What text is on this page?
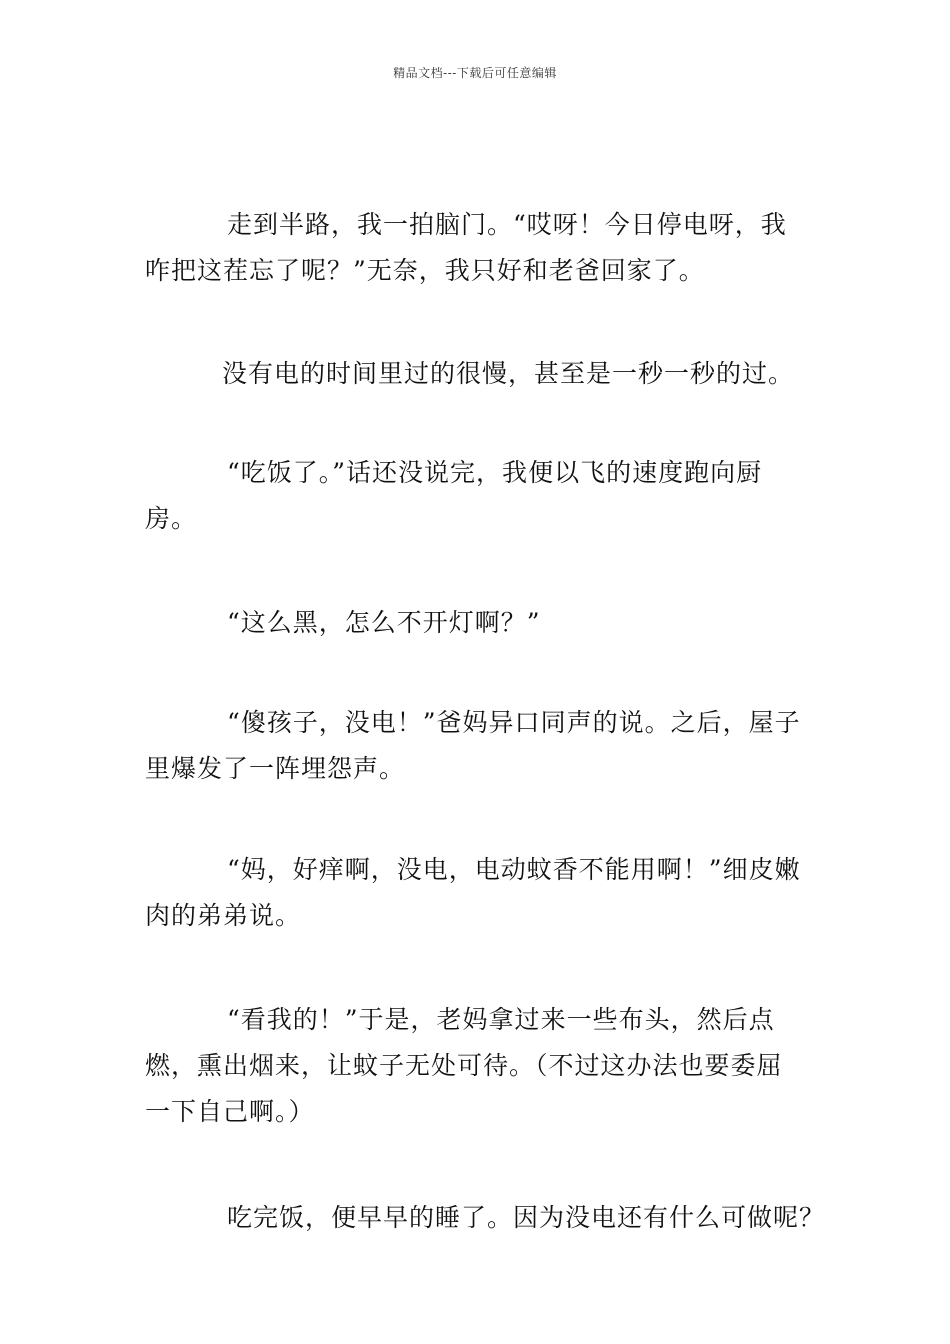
精品文档---下载后可任意编辑

走到半路，我一拍脑门。“哎呀！今日停电呀，我咋把这茬忘了呢？”无奈，我只好和老爸回家了。

没有电的时间里过的很慢，甚至是一秒一秒的过。

“吃饭了。”话还没说完，我便以飞的速度跑向厨房。

“这么黑，怎么不开灯啊？”

“傻孩子，没电！”爸妈异口同声的说。之后，屋子里爆发了一阵埋怨声。

“妈，好痒啊，没电，电动蚊香不能用啊！”细皮嫩肉的弟弟说。

“看我的！”于是，老妈拿过来一些布头，然后点燃，熏出烟来，让蚊子无处可待。（不过这办法也要委屈一下自己啊。）

吃完饭，便早早的睡了。因为没电还有什么可做呢？
